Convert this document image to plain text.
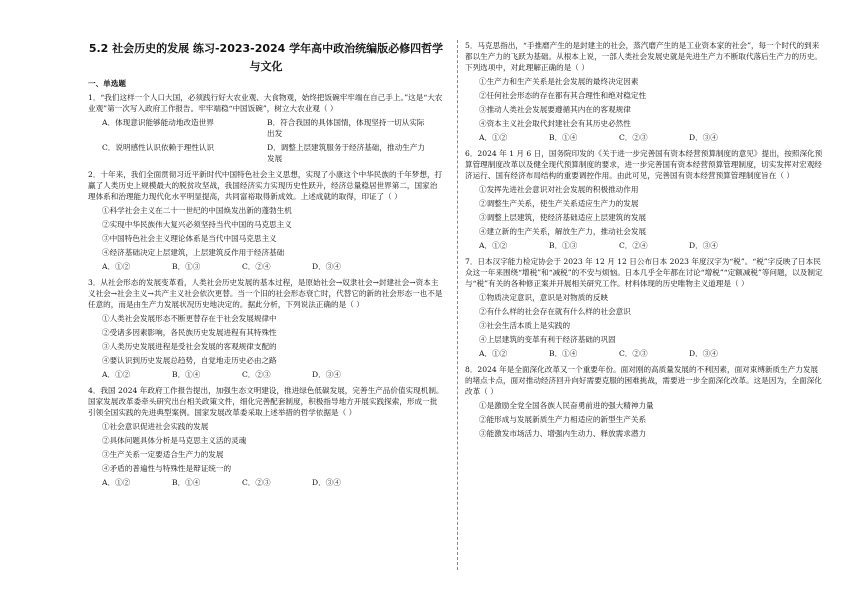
5.2 社会历史的发展 练习-2023-2024 学年高中政治统编版必修四哲学与文化
一、单选题
1．“我们这样一个人口大国，必须践行好大农业观、大食物观，始终把饭碗牢牢端在自己手上。”这是“大农业观”第一次写入政府工作报告。牢牢端稳“中国饭碗”，树立大农业观（ ）
A．体现意识能够能动地改造世界	B．符合我国的具体国情，体现坚持一切从实际出发
C．说明感性认识依赖于理性认识	D．调整上层建筑服务于经济基础，推动生产力发展
2．十年来，我们全面贯彻习近平新时代中国特色社会主义思想，实现了小康这个中华民族的千年梦想，打赢了人类历史上规模最大的脱贫攻坚战，我国经济实力实现历史性跃升，经济总量稳居世界第二，国家治理体系和治理能力现代化水平明显提高，共同富裕取得新成效。上述成就的取得，印证了（ ）
①科学社会主义在二十一世纪的中国焕发出新的蓬勃生机
②实现中华民族伟大复兴必须坚持当代中国的马克思主义
③中国特色社会主义理论体系是当代中国马克思主义
④经济基础决定上层建筑，上层建筑反作用于经济基础
A．①②	B．①③	C．②④	D．③④
3．从社会形态的发展变革看，人类社会历史发展的基本过程，是原始社会→奴隶社会→封建社会→资本主义社会→社会主义→共产主义社会依次更替。当一个旧的社会形态衰亡时，代替它的新的社会形态一也不是任意的，而是由生产力发展状况历史地决定的。据此分析，下列说法正确的是（ ）
①人类社会发展形态不断更替存在于社会发展规律中
②受诸多因素影响，各民族历史发展进程有其特殊性
③人类历史发展进程是受社会发展的客观规律支配的
④要认识到历史发展总趋势，自觉地走历史必由之路
A．①②	B．①④	C．②③	D．③④
4．我国 2024 年政府工作报告提出，加强生态文明建设，推进绿色低碳发展，完善生产品价值实现机制。国家发展改革委牵头研究出台相关政策文件，细化完善配套制度，积极指导地方开展实践探索，形成一批引领全国实践的先进典型案例。国家发展改革委采取上述举措的哲学依据是（ ）
①社会意识促进社会实践的发展
②具体问题具体分析是马克思主义活的灵魂
③生产关系一定要适合生产力的发展
④矛盾的普遍性与特殊性是辩证统一的
A．①②	B．①④	C．②③	D．③④
5．马克思指出，“手推磨产生的是封建主的社会，蒸汽磨产生的是工业资本家的社会”，每一个时代的到来都以生产力的飞跃为基础。从根本上说，一部人类社会发展史就是先进生产力不断取代落后生产力的历史。下列选项中，对此理解正确的是（ ）
①生产力和生产关系是社会发展的最终决定因素
②任何社会形态的存在都有其合理性和绝对稳定性
③推动人类社会发展要遵循其内在的客观规律
④资本主义社会取代封建社会有其历史必然性
A．①②	B．①④	C．②③	D．③④
6．2024 年 1 月 6 日，国务院印发的《关于进一步完善国有资本经营预算制度的意见》提出，按照深化预算管理制度改革以及健全现代预算制度的要求，进一步完善国有资本经营预算管理制度，切实发挥对宏观经济运行、国有经济布局结构的重要调控作用。由此可见，完善国有资本经营预算管理制度旨在（ ）
①发挥先进社会意识对社会发展的积极推动作用
②调整生产关系，使生产关系适应生产力的发展
③调整上层建筑，使经济基础适应上层建筑的发展
④建立新的生产关系，解放生产力，推动社会发展
A．①②	B．①③	C．②④	D．③④
7．日本汉字能力检定协会于 2023 年 12 月 12 日公布日本 2023 年度汉字为“税”。“税”字反映了日本民众这一年来围绕“增税”和“减税”的不安与烦恼。日本几乎全年都在讨论“增税”“定额减税”等问题，以及制定与“税”有关的各种修正案并开展相关研究工作。材料体现的历史唯物主义道理是（ ）
①物质决定意识，意识是对物质的反映
②有什么样的社会存在就有什么样的社会意识
③社会生活本质上是实践的
④上层建筑的变革有利于经济基础的巩固
A．①②	B．①④	C．②③	D．③④
8．2024 年是全面深化改革又一个重要年份。面对刚的高质量发展的不利因素，面对束缚新质生产力发展的堵点卡点，面对推动经济回升向好需要克服的困难挑战，需要进一步全面深化改革。这是因为，全面深化改革（ ）
①是激励全党全国各族人民奋勇前进的强大精神力量
②能形成与发展新质生产力相适应的新型生产关系
③能激发市场活力、增强内生动力、释放需求潜力
